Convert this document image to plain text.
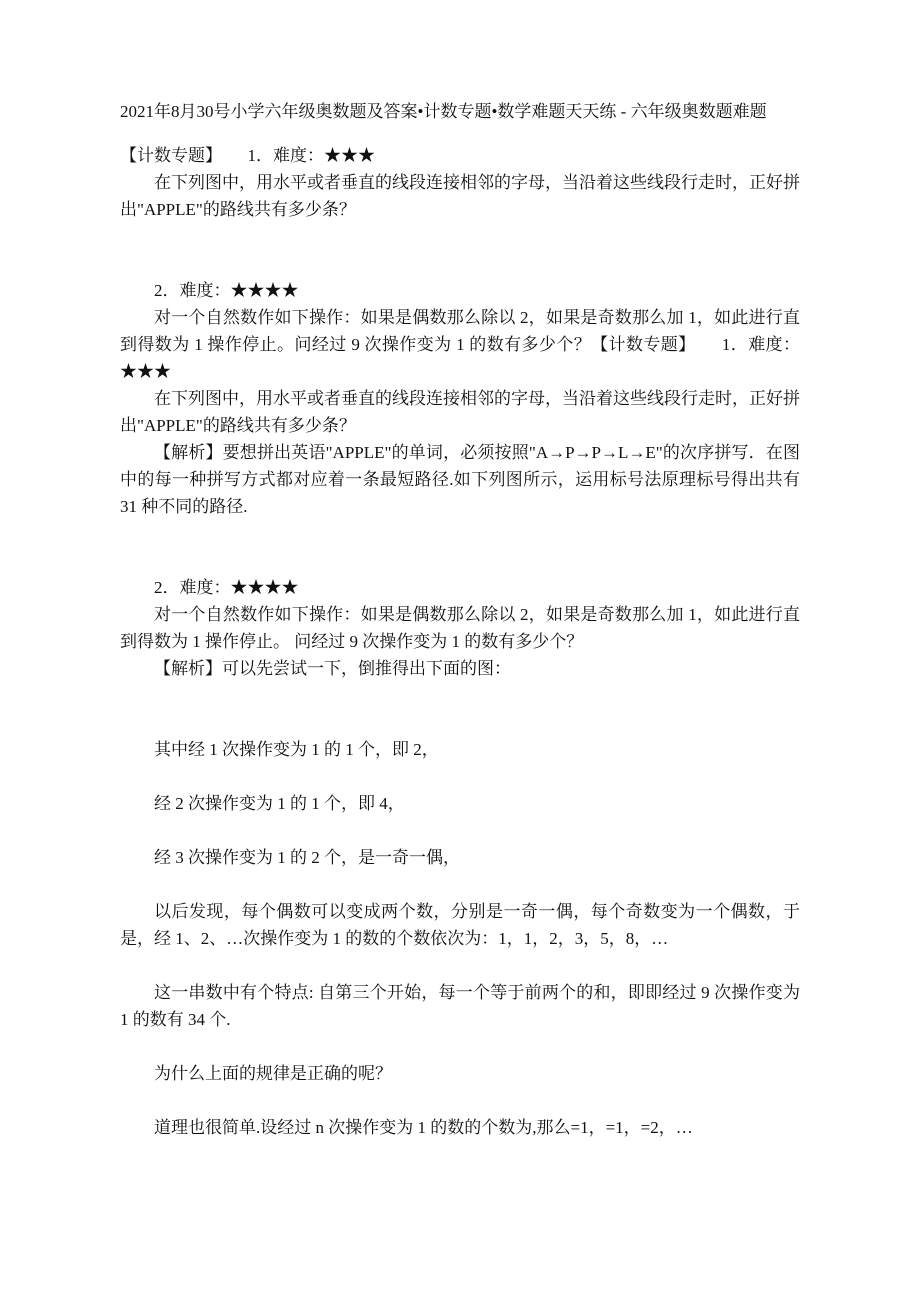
2021年8月30号小学六年级奥数题及答案•计数专题•数学难题天天练 - 六年级奥数题难题

【计数专题】　　1．难度：★★★

在下列图中，用水平或者垂直的线段连接相邻的字母，当沿着这些线段行走时，正好拼出"APPLE"的路线共有多少条？

2．难度：★★★★

对一个自然数作如下操作：如果是偶数那么除以 2，如果是奇数那么加 1，如此进行直到得数为 1 操作停止。问经过 9 次操作变为 1 的数有多少个？【计数专题】　　1．难度：★★★

在下列图中，用水平或者垂直的线段连接相邻的字母，当沿着这些线段行走时，正好拼出"APPLE"的路线共有多少条？

【解析】要想拼出英语"APPLE"的单词，必须按照"A→P→P→L→E"的次序拼写．在图中的每一种拼写方式都对应着一条最短路径.如下列图所示，运用标号法原理标号得出共有 31 种不同的路径.

2．难度：★★★★

对一个自然数作如下操作：如果是偶数那么除以 2，如果是奇数那么加 1，如此进行直到得数为 1 操作停止。 问经过 9 次操作变为 1 的数有多少个？

【解析】可以先尝试一下，倒推得出下面的图：

其中经 1 次操作变为 1 的 1 个，即 2，

经 2 次操作变为 1 的 1 个，即 4，

经 3 次操作变为 1 的 2 个，是一奇一偶，

以后发现，每个偶数可以变成两个数，分别是一奇一偶，每个奇数变为一个偶数，于是，经 1、2、…次操作变为 1 的数的个数依次为：1，1，2，3，5，8，…

这一串数中有个特点: 自第三个开始，每一个等于前两个的和，即即经过 9 次操作变为 1 的数有 34 个.

为什么上面的规律是正确的呢？

道理也很简单.设经过 n 次操作变为 1 的数的个数为,那么=1，=1，=2，…
